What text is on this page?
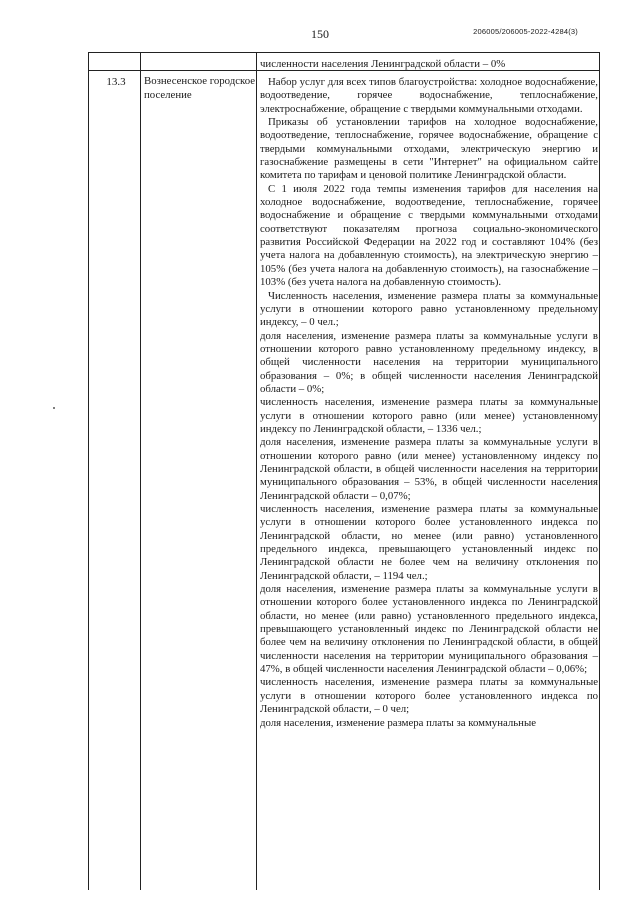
150	206005/206005-2022-4284(3)
численности населения Ленинградской области – 0%
13.3	Вознесенское городское поселение

Набор услуг для всех типов благоустройства: холодное водоснабжение, водоотведение, горячее водоснабжение, теплоснабжение, электроснабжение, обращение с твердыми коммунальными отходами.

Приказы об установлении тарифов на холодное водоснабжение, водоотведение, теплоснабжение, горячее водоснабжение, обращение с твердыми коммунальными отходами, электрическую энергию и газоснабжение размещены в сети "Интернет" на официальном сайте комитета по тарифам и ценовой политике Ленинградской области.

С 1 июля 2022 года темпы изменения тарифов для населения на холодное водоснабжение, водоотведение, теплоснабжение, горячее водоснабжение и обращение с твердыми коммунальными отходами соответствуют показателям прогноза социально-экономического развития Российской Федерации на 2022 год и составляют 104% (без учета налога на добавленную стоимость), на электрическую энергию – 105% (без учета налога на добавленную стоимость), на газоснабжение – 103% (без учета налога на добавленную стоимость).

Численность населения, изменение размера платы за коммунальные услуги в отношении которого равно установленному предельному индексу, – 0 чел.;

доля населения, изменение размера платы за коммунальные услуги в отношении которого равно установленному предельному индексу, в общей численности населения на территории муниципального образования – 0%; в общей численности населения Ленинградской области – 0%;

численность населения, изменение размера платы за коммунальные услуги в отношении которого равно (или менее) установленному индексу по Ленинградской области, – 1336 чел.;

доля населения, изменение размера платы за коммунальные услуги в отношении которого равно (или менее) установленному индексу по Ленинградской области, в общей численности населения на территории муниципального образования – 53%, в общей численности населения Ленинградской области – 0,07%;

численность населения, изменение размера платы за коммунальные услуги в отношении которого более установленного индекса по Ленинградской области, но менее (или равно) установленного предельного индекса, превышающего установленный индекс по Ленинградской области не более чем на величину отклонения по Ленинградской области, – 1194 чел.;

доля населения, изменение размера платы за коммунальные услуги в отношении которого более установленного индекса по Ленинградской области, но менее (или равно) установленного предельного индекса, превышающего установленный индекс по Ленинградской области не более чем на величину отклонения по Ленинградской области, в общей численности населения на территории муниципального образования – 47%, в общей численности населения Ленинградской области – 0,06%;

численность населения, изменение размера платы за коммунальные услуги в отношении которого более установленного индекса по Ленинградской области, – 0 чел;

доля населения, изменение размера платы за коммунальные
